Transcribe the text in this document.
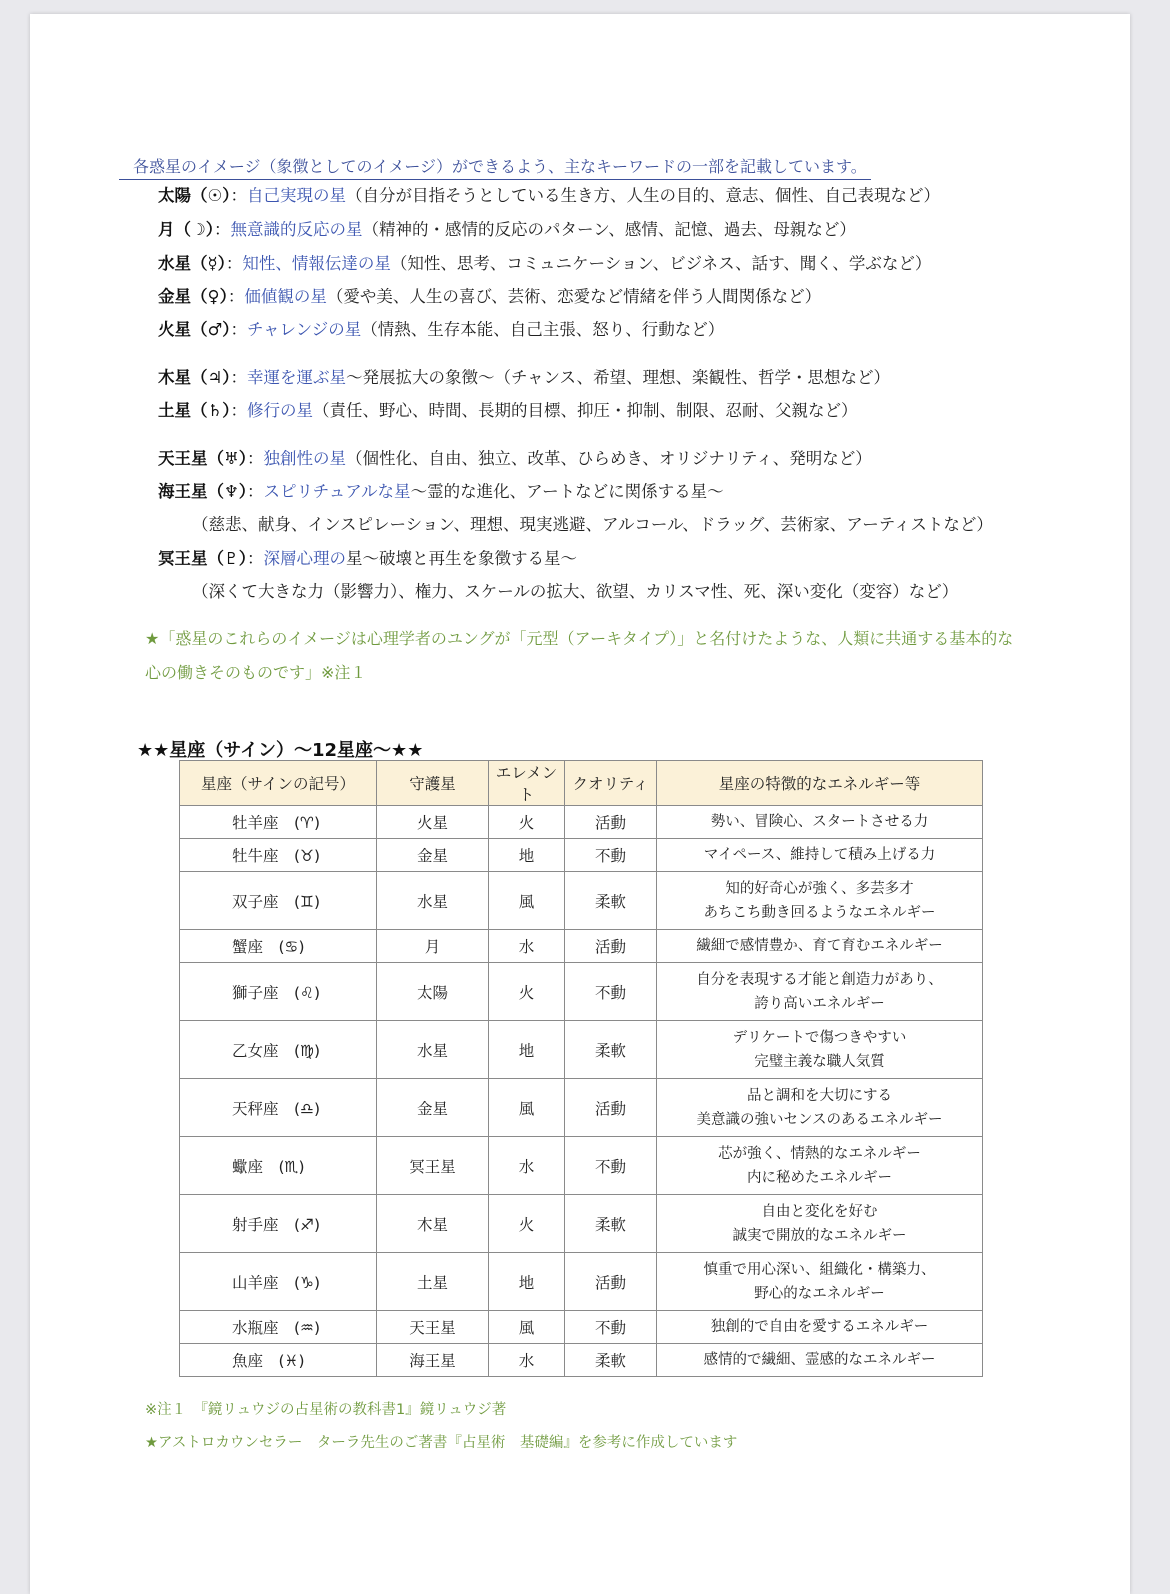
各惑星のイメージ（象徴としてのイメージ）ができるよう、主なキーワードの一部を記載しています。
太陽（☉）：自己実現の星（自分が目指そうとしている生き方、人生の目的、意志、個性、自己表現など）
月（☽）：無意識的反応の星（精神的・感情的反応のパターン、感情、記憶、過去、母親など）
水星（☿）：知性、情報伝達の星（知性、思考、コミュニケーション、ビジネス、話す、聞く、学ぶなど）
金星（♀）：価値観の星（愛や美、人生の喜び、芸術、恋愛など情緒を伴う人間関係など）
火星（♂）：チャレンジの星（情熱、生存本能、自己主張、怒り、行動など）
木星（♃）：幸運を運ぶ星～発展拡大の象徴～（チャンス、希望、理想、楽観性、哲学・思想など）
土星（♄）：修行の星（責任、野心、時間、長期的目標、抑圧・抑制、制限、忍耐、父親など）
天王星（♅）：独創性の星（個性化、自由、独立、改革、ひらめき、オリジナリティ、発明など）
海王星（♆）：スピリチュアルな星～霊的な進化、アートなどに関係する星～
（慈悲、献身、インスピレーション、理想、現実逃避、アルコール、ドラッグ、芸術家、アーティストなど）
冥王星（♇）：深層心理の星～破壊と再生を象徴する星～
（深くて大きな力（影響力）、権力、スケールの拡大、欲望、カリスマ性、死、深い変化（変容）など）
★「惑星のこれらのイメージは心理学者のユングが「元型（アーキタイプ）」と名付けたような、人類に共通する基本的な
心の働きそのものです」※注１
★★星座（サイン）～12星座～★★
星座（サインの記号）	守護星	エレメント	クオリティ	星座の特徴的なエネルギー等
牡羊座　(♈)	火星	火	活動	勢い、冒険心、スタートさせる力

牡牛座　(♉)	金星	地	不動	マイペース、維持して積み上げる力

双子座　(♊)	水星	風	柔軟	知的好奇心が強く、多芸多才
あちこち動き回るようなエネルギー

蟹座　(♋)	月	水	活動	繊細で感情豊か、育て育むエネルギー

獅子座　(♌)	太陽	火	不動	自分を表現する才能と創造力があり、
誇り高いエネルギー

乙女座　(♍)	水星	地	柔軟	デリケートで傷つきやすい
完璧主義な職人気質

天秤座　(♎)	金星	風	活動	品と調和を大切にする
美意識の強いセンスのあるエネルギー

蠍座　(♏)	冥王星	水	不動	芯が強く、情熱的なエネルギー
内に秘めたエネルギー

射手座　(♐)	木星	火	柔軟	自由と変化を好む
誠実で開放的なエネルギー

山羊座　(♑)	土星	地	活動	慎重で用心深い、組織化・構築力、
野心的なエネルギー

水瓶座　(♒)	天王星	風	不動	独創的で自由を愛するエネルギー

魚座　(♓)	海王星	水	柔軟	感情的で繊細、霊感的なエネルギー
※注１　『鏡リュウジの占星術の教科書1』鏡リュウジ著
★アストロカウンセラー　ターラ先生のご著書『占星術　基礎編』を参考に作成しています
